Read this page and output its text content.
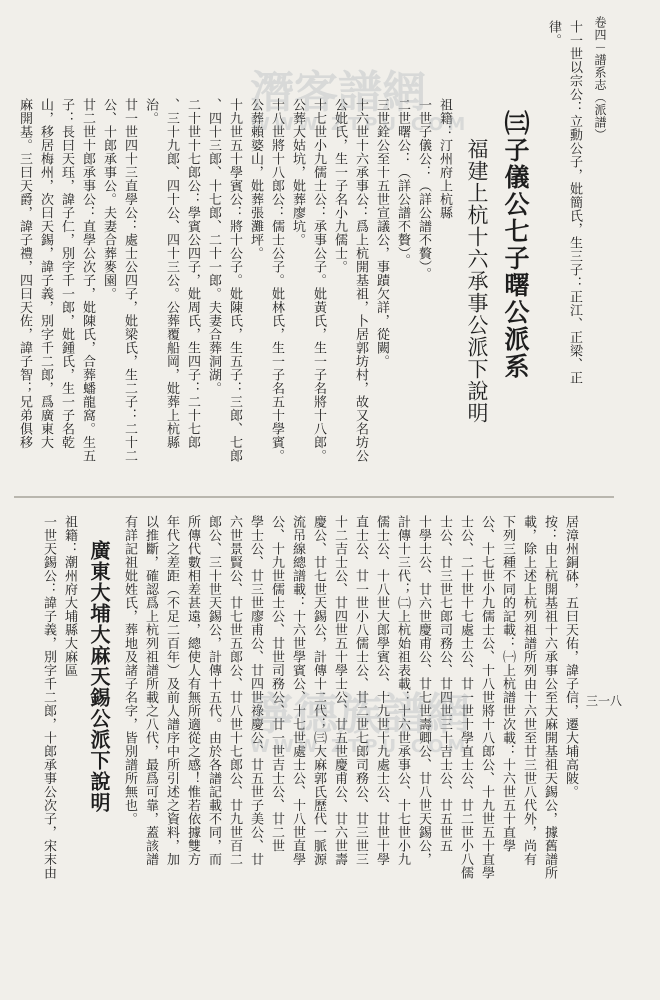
卷四－譜系志（派譜）
三一八
十一世以宗公：立勳公子，妣簡氏，生三子：正江、正梁、正
律。
㈢子儀公七子曙公派系
福建上杭十六承事公派下說明
祖籍：汀州府上杭縣
一世子儀公：（詳公譜不贅）。
二世曙公：（詳公譜不贅）。
三世銓公至十五世宣議公，事蹟欠詳，從闕。
十六世十六承事公：爲上杭開基祖，卜居郭坊村，故又名坊公
公妣氏，生一子名小九儒士。
十七世小九儒士公：承事公子。妣黃氏，生一子名將十八郎。
公葬大姑坑，妣葬廖坑。
十八世將十八郎公：儒士公子。妣林氏，生一子名五十學賓。
公葬賴婆山，妣葬張灘坪。
十九世五十學賓公：將十公子。妣陳氏，生五子：三郎、七郎
、四十三郎、十七郎、二十一郎。夫妻合葬洞湖。
二十世十七郎公：學賓公四子，妣周氏，生四子：二十七郎
、三十九郎、四十公、四十三公。公葬覆船岡，妣葬上杭縣
治。
廿一世四十三直學公：處士公四子，妣梁氏，生二子：二十二
公、十郎承事公。夫妻合葬麥園。
廿二世十郎承事公：直學公次子，妣陳氏，合葬蟠龍窩。生五
子：長曰天珏，諱子仁，別字千一郎，妣鍾氏，生一子名乾
山，移居梅州，次曰天錫，諱子義，別字千二郎，爲廣東大
麻開基。三曰天爵，諱子禮，四曰天佐，諱子智；兄弟俱移
居漳州銅砵，五曰天佑，諱子信，遷大埔高陂。
按：由上杭開基祖十六承事公至大麻開基祖天錫公，據舊譜所
載，除上述上杭列祖譜所列由十六世至廿三世八代外，尚有
下列三種不同的記載：㈠上杭譜世次載：十六世五十直學
公、十七世小九儒士公、十八世將十八郎公、十九世五十直學
士公、二十世十七處士公、廿一世十學直士公、廿二世小八儒
士公、廿三世七郎司務公、廿四世三十吉士公、廿五世五
十學士公、廿六世慶甫公、廿七世壽卿公、廿八世天錫公，
計傳十三代；㈡上杭始祖表載：十六世承事公、十七世小九
儒士公、十八世大郎學賓公、十九世十九處士公、廿世十學
直士公、廿一世小八儒士公、廿二世七郎司務公、廿三世三
十二吉士公、廿四世五十學士公、廿五世慶甫公、廿六世壽
慶公、廿七世天錫公，計傳十二代；㈢大麻郭氏歷代一脈源
流吊線總譜載：十六世學賓公、十七世處士公、十八世直學
公、十九世儒士公、廿世司務公、廿一世吉士公、廿二世
學士公、廿三世廖甫公、廿四世祿慶公、廿五世子美公、廿
六世景賢公、廿七世五郎公、廿八世十七郎公、廿九世百二
郎公、三十世天錫公，計傳十五代。由於各譜記載不同，而
所傳代數相差甚遠，總使人有無所適從之感！惟若依據雙方
年代之差距（不足二百年）及前人譜序中所引述之資料，加
以推斷，確認爲上杭列祖譜所載之八代，最爲可靠，蓋該譜
有詳記祖妣姓氏，葬地及諸子名字，皆別譜所無也。
廣東大埔大麻天錫公派下說明
祖籍：潮州府大埔縣大麻區
一世天錫公：諱子義，別字千二郎，十郎承事公次子，宋末由
潛客譜網
WWW.ZTPU.COM
寧德族譜網
WWW.ZTPU.COM
